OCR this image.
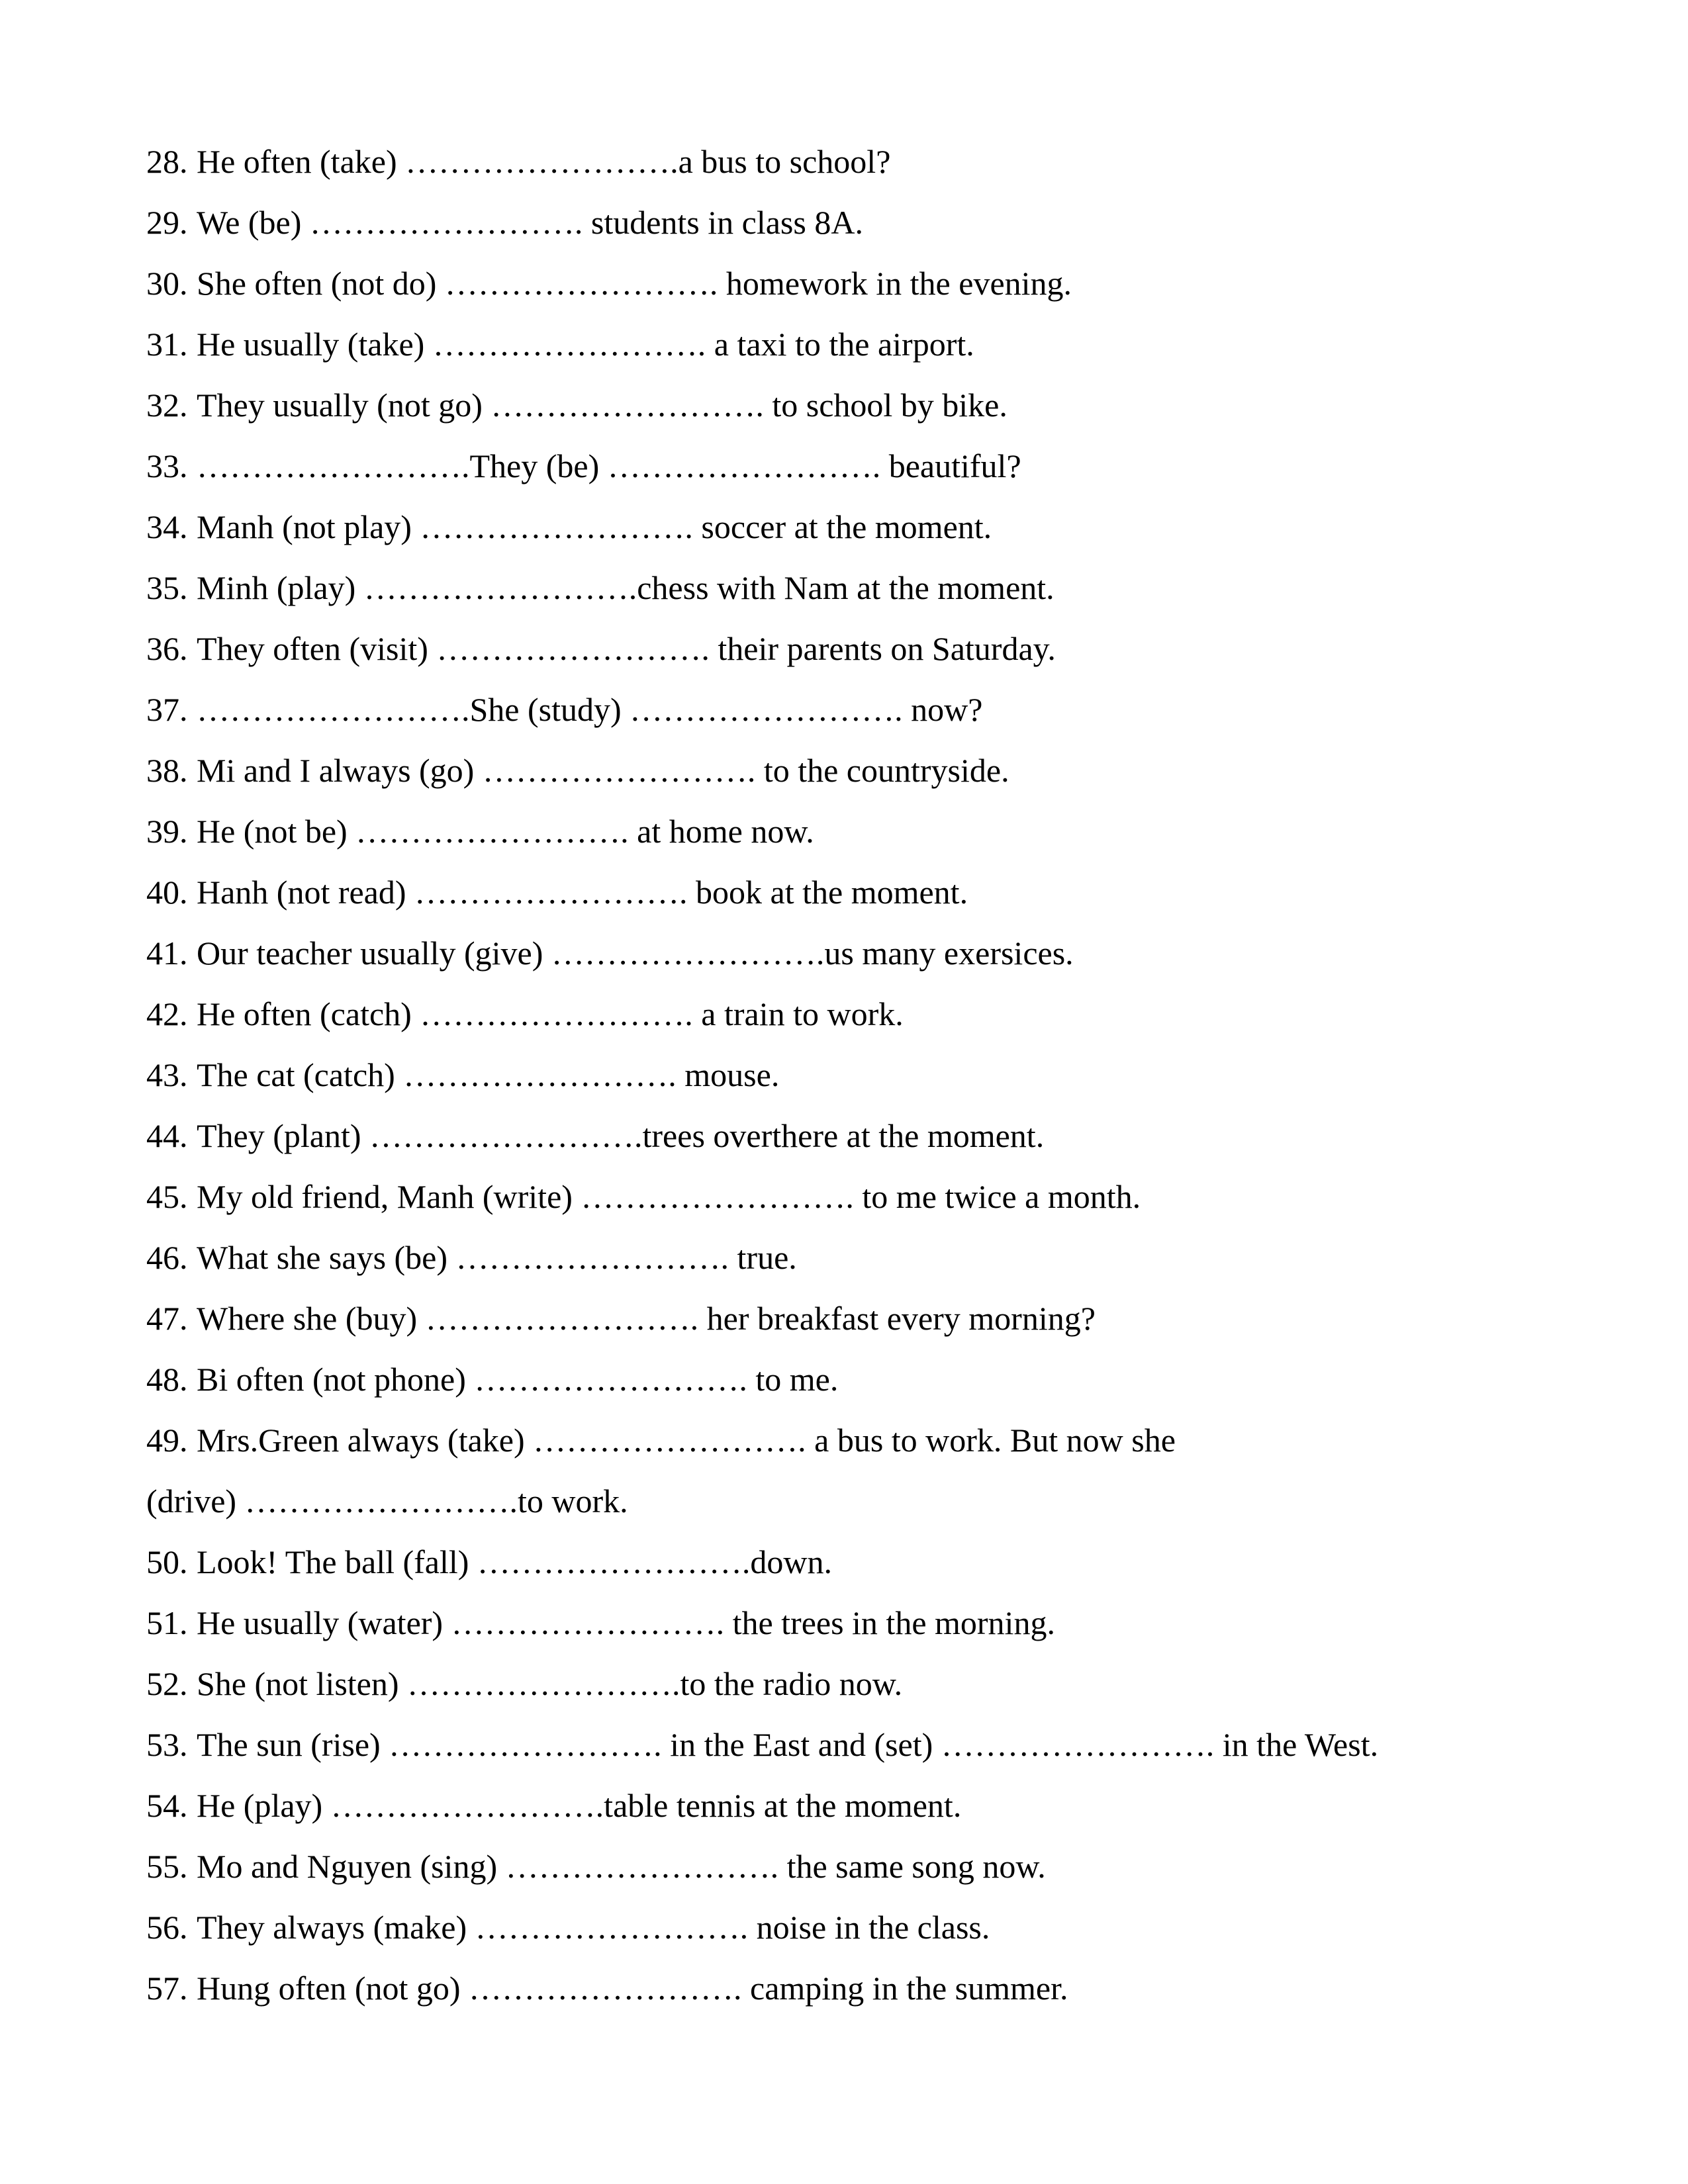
28. He often (take) …………………….a bus to school?
29. We (be) ……………………. students in class 8A.
30. She often (not do) ……………………. homework in the evening.
31. He usually (take) ……………………. a taxi to the airport.
32. They usually (not go) ……………………. to school by bike.
33. …………………….They (be) ……………………. beautiful?
34. Manh (not play) ……………………. soccer at the moment.
35. Minh (play) …………………….chess with Nam at the moment.
36. They often (visit) ……………………. their parents on Saturday.
37. …………………….She (study) ……………………. now?
38. Mi and I always (go) ……………………. to the countryside.
39. He (not be) ……………………. at home now.
40. Hanh (not read) ……………………. book at the moment.
41. Our teacher usually (give) …………………….us many exersices.
42. He often (catch) ……………………. a train to work.
43. The cat (catch) ……………………. mouse.
44. They (plant) …………………….trees overthere at the moment.
45. My old friend, Manh (write) ……………………. to me twice a month.
46. What she says (be) ……………………. true.
47. Where she (buy) ……………………. her breakfast every morning?
48. Bi often (not phone) ……………………. to me.
49. Mrs.Green always (take) ……………………. a bus to work. But now she
(drive) …………………….to work.
50. Look! The ball (fall) …………………….down.
51. He usually (water) ……………………. the trees in the morning.
52. She (not listen) …………………….to the radio now.
53. The sun (rise) ……………………. in the East and (set) ……………………. in the West.
54. He (play) …………………….table tennis at the moment.
55. Mo and Nguyen (sing) ……………………. the same song now.
56. They always (make) ……………………. noise in the class.
57. Hung often (not go) ……………………. camping in the summer.
